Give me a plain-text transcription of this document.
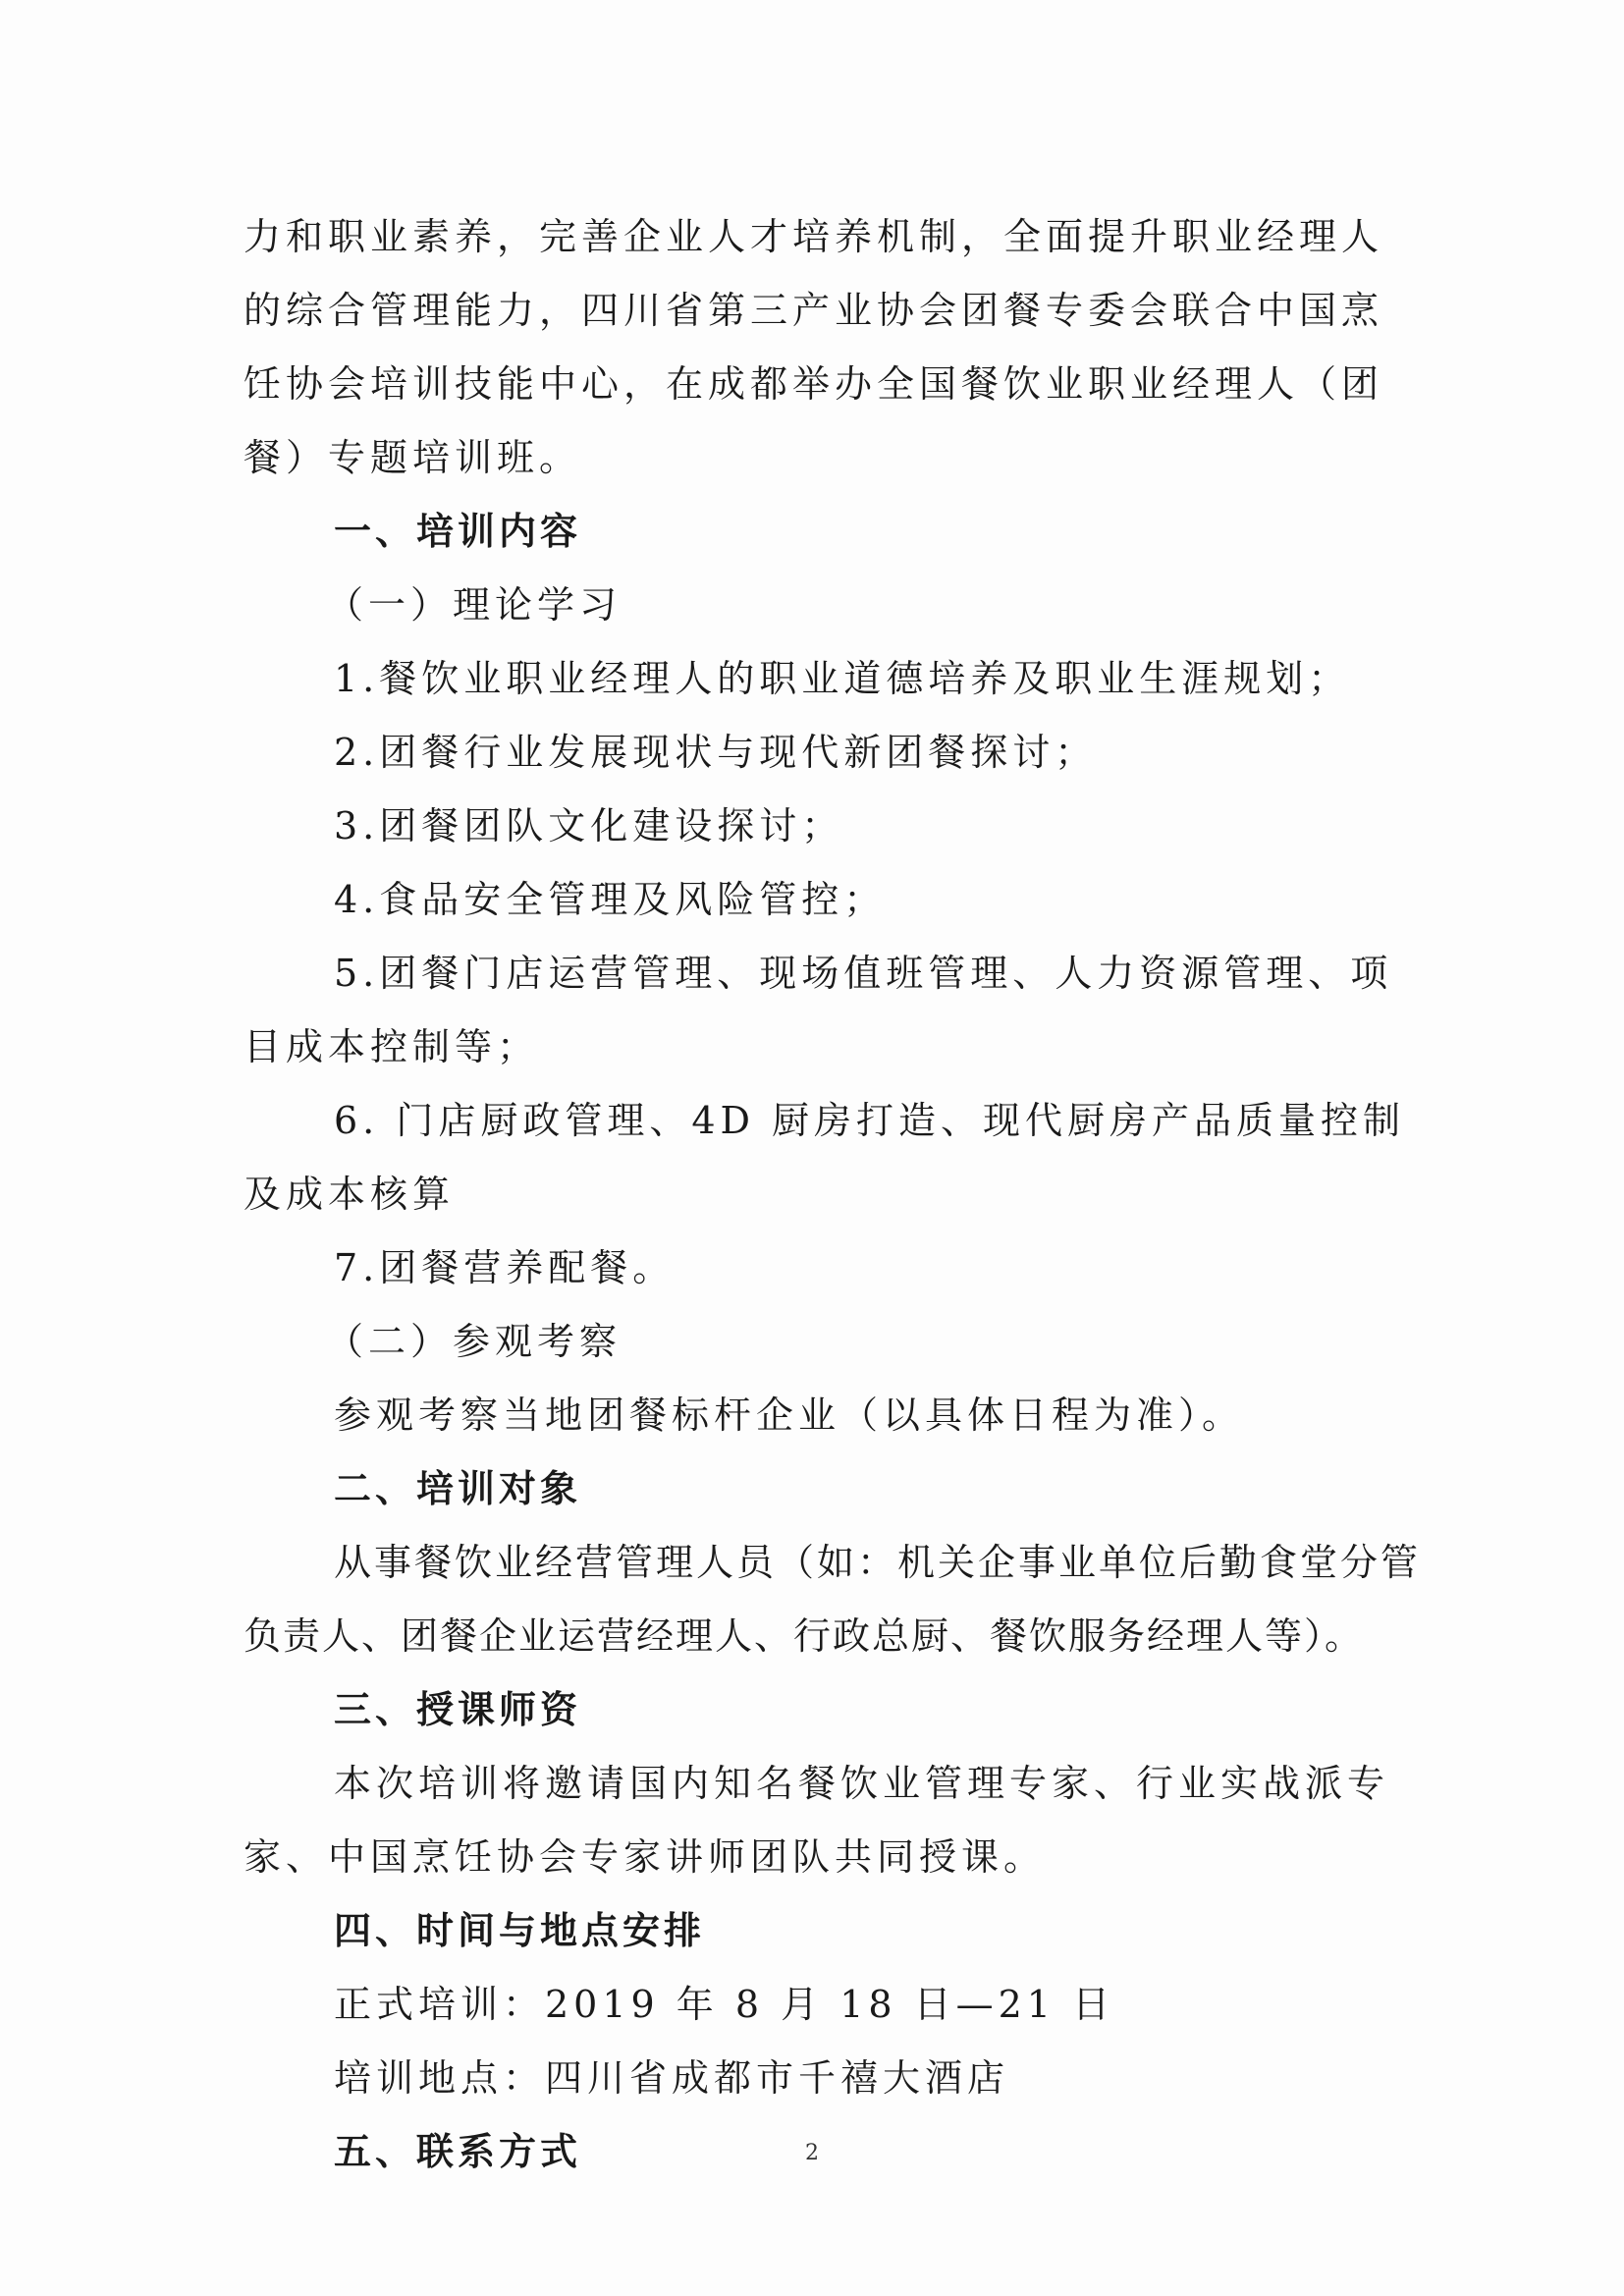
力和职业素养，完善企业人才培养机制，全面提升职业经理人

的综合管理能力，四川省第三产业协会团餐专委会联合中国烹

饪协会培训技能中心，在成都举办全国餐饮业职业经理人（团

餐）专题培训班。

一、培训内容

（一）理论学习

1.餐饮业职业经理人的职业道德培养及职业生涯规划；

2.团餐行业发展现状与现代新团餐探讨；

3.团餐团队文化建设探讨；

4.食品安全管理及风险管控；

5.团餐门店运营管理、现场值班管理、人力资源管理、项

目成本控制等；

6. 门店厨政管理、4D 厨房打造、现代厨房产品质量控制

及成本核算

7.团餐营养配餐。

（二）参观考察

参观考察当地团餐标杆企业（以具体日程为准）。

二、培训对象

从事餐饮业经营管理人员（如：机关企事业单位后勤食堂分管

负责人、团餐企业运营经理人、行政总厨、餐饮服务经理人等）。

三、授课师资

本次培训将邀请国内知名餐饮业管理专家、行业实战派专

家、中国烹饪协会专家讲师团队共同授课。

四、时间与地点安排

正式培训：2019 年 8 月 18 日—21 日

培训地点：四川省成都市千禧大酒店

五、联系方式	2
